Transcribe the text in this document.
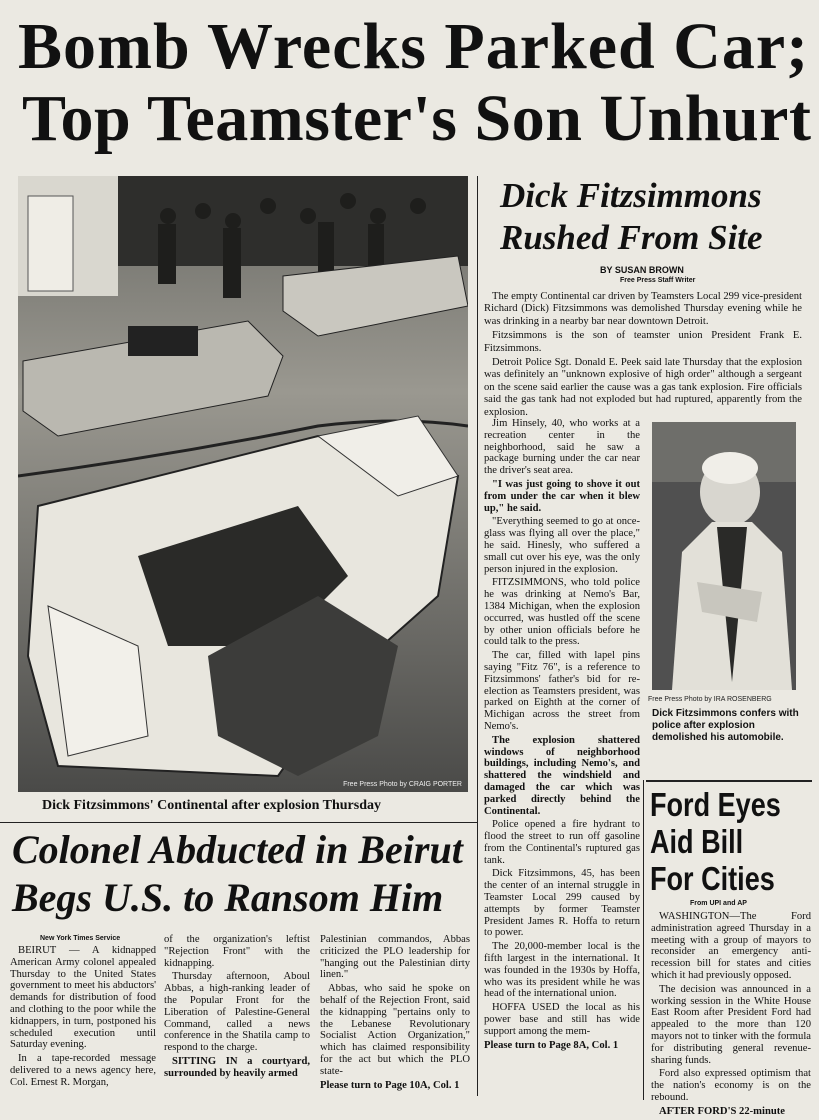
Bomb Wrecks Parked Car;
Top Teamster's Son Unhurt
Free Press Photo by CRAIG PORTER
Dick Fitzsimmons' Continental after explosion Thursday
Dick Fitzsimmons
Rushed From Site
BY SUSAN BROWN
Free Press Staff Writer

The empty Continental car driven by Teamsters Local 299 vice-president Richard (Dick) Fitzsimmons was demolished Thursday evening while he was drinking in a nearby bar near downtown Detroit.

Fitzsimmons is the son of teamster union President Frank E. Fitzsimmons.

Detroit Police Sgt. Donald E. Peek said late Thursday that the explosion was definitely an "unknown explosive of high order" although a sergeant on the scene said earlier the cause was a gas tank explosion. Fire officials said the gas tank had not exploded but had ruptured, apparently from the explosion.

Jim Hinsely, 40, who works at a recreation center in the neighborhood, said he saw a package burning under the car near the driver's seat area.

"I was just going to shove it out from under the car when it blew up," he said.

"Everything seemed to go at once- glass was flying all over the place," he said. Hinesly, who suffered a small cut over his eye, was the only person injured in the explosion.

FITZSIMMONS, who told police he was drinking at Nemo's Bar, 1384 Michigan, when the explosion occurred, was hustled off the scene by other union officials before he could talk to the press.

The car, filled with lapel pins saying "Fitz 76", is a reference to Fitzsimmons' father's bid for re-election as Teamsters president, was parked on Eighth at the corner of Michigan across the street from Nemo's.

The explosion shattered windows of neighborhood buildings, including Nemo's, and shattered the windshield and damaged the car which was parked directly behind the Continental.

Police opened a fire hydrant to flood the street to run off gasoline from the Continental's ruptured gas tank.

Dick Fitzsimmons, 45, has been the center of an internal struggle in Teamster Local 299 caused by attempts by former Teamster President James R. Hoffa to return to power.

The 20,000-member local is the fifth largest in the international. It was founded in the 1930s by Hoffa, who was its president while he was head of the international union.

HOFFA USED the local as his power base and still has wide support among the mem-

Please turn to Page 8A, Col. 1

Free Press Photo by IRA ROSENBERG
Dick Fitzsimmons confers with police after explosion demolished his automobile.
Ford Eyes
Aid Bill
For Cities
From UPI and AP

WASHINGTON—The Ford administration agreed Thursday in a meeting with a group of mayors to reconsider an emergency anti-recession bill for states and cities which it had previously opposed.

The decision was announced in a working session in the White House East Room after President Ford had appealed to the more than 120 mayors not to tinker with the formula for distributing general revenue-sharing funds.

Ford also expressed optimism that the nation's economy is on the rebound.

AFTER FORD'S 22-minute

Colonel Abducted in Beirut
Begs U.S. to Ransom Him
New York Times Service

BEIRUT — A kidnapped American Army colonel appealed Thursday to the United States government to meet his abductors' demands for distribution of food and clothing to the poor while the kidnappers, in turn, postponed his scheduled execution until Saturday evening.

In a tape-recorded message delivered to a news agency here, Col. Ernest R. Morgan,

of the organization's leftist "Rejection Front" with the kidnapping.

Thursday afternoon, Aboul Abbas, a high-ranking leader of the Popular Front for the Liberation of Palestine-General Command, called a news conference in the Shatila camp to respond to the charge.

SITTING IN a courtyard, surrounded by heavily armed

Palestinian commandos, Abbas criticized the PLO leadership for "hanging out the Palestinian dirty linen."

Abbas, who said he spoke on behalf of the Rejection Front, said the kidnapping "pertains only to the Lebanese Revolutionary Socialist Action Organization," which has claimed responsibility for the act but which the PLO state-

Please turn to Page 10A, Col. 1
